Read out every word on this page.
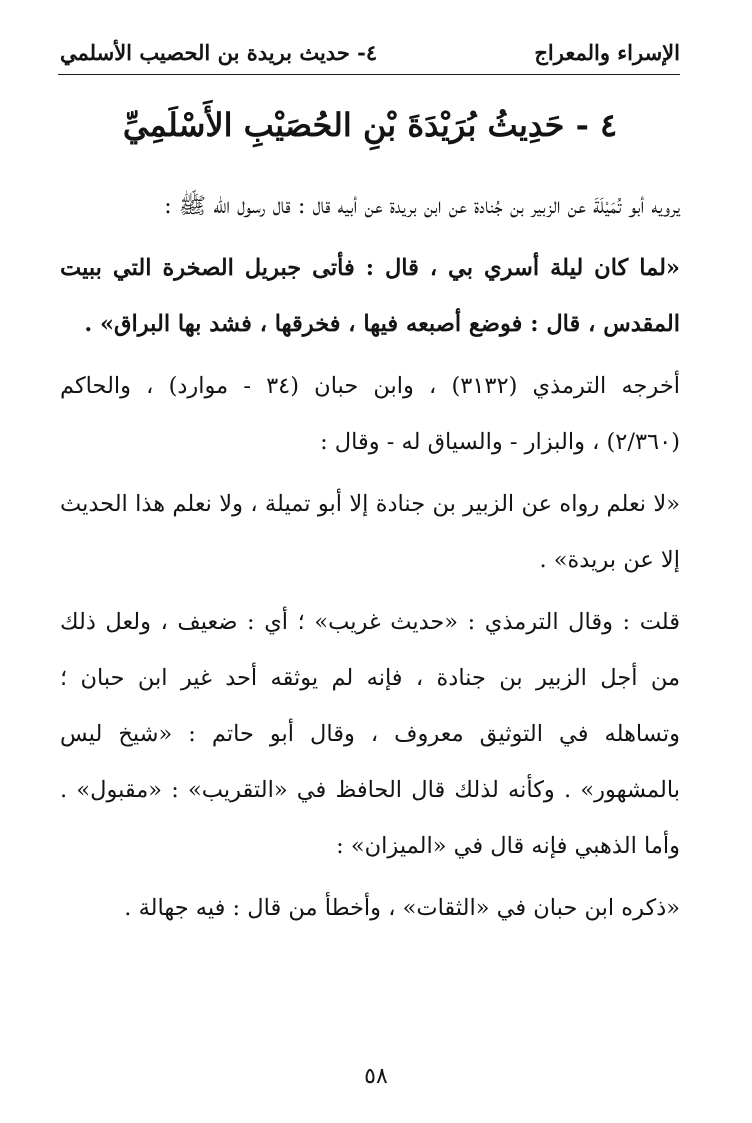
الإسراء والمعراج
٤- حديث بريدة بن الحصيب الأسلمي
٤ - حَدِيثُ بُرَيْدَةَ بْنِ الحُصَيْبِ الأَسْلَمِيِّ

يرويه أبو تُمَيْلَةَ عن الزبير بن جُنادة عن ابن بريدة عن أبيه قال : قال رسول الله ﷺ :

«لما كان ليلة أسري بي ، قال : فأتى جبريل الصخرة التي ببيت المقدس ، قال : فوضع أصبعه فيها ، فخرقها ، فشد بها البراق» .

أخرجه الترمذي (٣١٣٢) ، وابن حبان (٣٤ - موارد) ، والحاكم (٢/٣٦٠) ، والبزار - والسياق له - وقال :

«لا نعلم رواه عن الزبير بن جنادة إلا أبو تميلة ، ولا نعلم هذا الحديث إلا عن بريدة» .

قلت : وقال الترمذي : «حديث غريب» ؛ أي : ضعيف ، ولعل ذلك من أجل الزبير بن جنادة ، فإنه لم يوثقه أحد غير ابن حبان ؛ وتساهله في التوثيق معروف ، وقال أبو حاتم : «شيخ ليس بالمشهور» . وكأنه لذلك قال الحافظ في «التقريب» : «مقبول» . وأما الذهبي فإنه قال في «الميزان» :

«ذكره ابن حبان في «الثقات» ، وأخطأ من قال : فيه جهالة .

٥٨
